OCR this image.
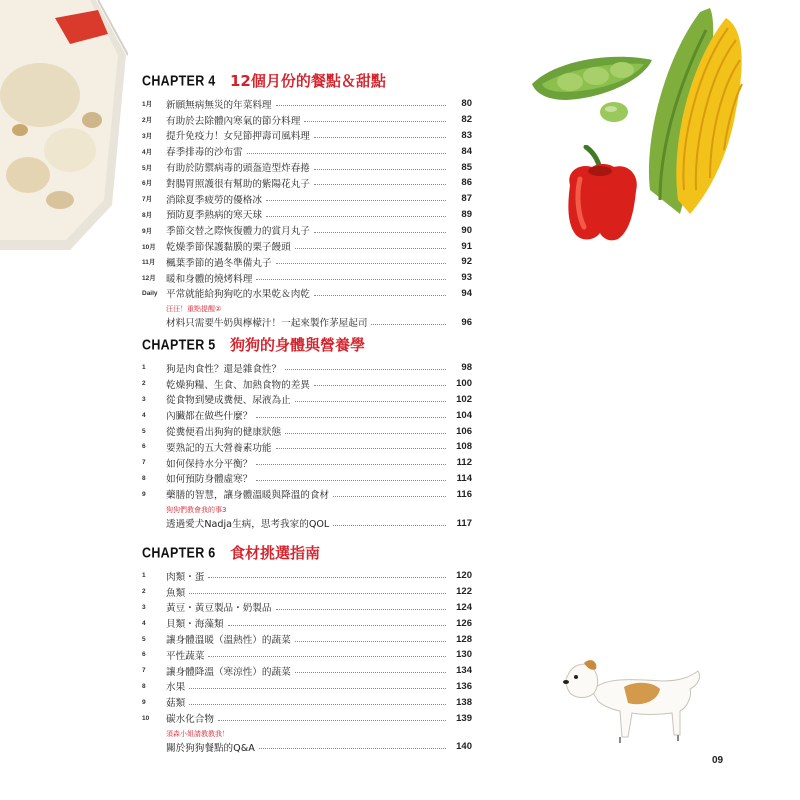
CHAPTER 4 12個月份的餐點＆甜點
1月	新願無病無災的年菜料理	80
2月	有助於去除體內寒氣的節分料理	82
3月	提升免疫力！女兒節押壽司風料理	83
4月	春季排毒的沙布雷	84
5月	有助於防禦病毒的頭盔造型炸春捲	85
6月	對腸胃照護很有幫助的紫陽花丸子	86
7月	消除夏季疲勞的優格冰	87
8月	預防夏季熱病的寒天球	89
9月	季節交替之際恢復體力的賞月丸子	90
10月	乾燥季節保護黏膜的栗子饅頭	91
11月	楓葉季節的過冬準備丸子	92
12月	暖和身體的燒烤料理	93
Daily 平常就能給狗狗吃的水果乾＆肉乾	94
汪汪！重點提醒②
材料只需要牛奶與檸檬汁！一起來製作茅屋起司	96
CHAPTER 5 狗狗的身體與營養學
1	狗是肉食性？還是雜食性？	98
2	乾燥狗糧、生食、加熱食物的差異	100
3	從食物到變成糞便、尿液為止	102
4	內臟都在做些什麼？	104
5	從糞便看出狗狗的健康狀態	106
6	要熟記的五大營養素功能	108
7	如何保持水分平衡？	112
8	如何預防身體虛寒？	114
9	藥膳的智慧，讓身體溫暖與降溫的食材	116
狗狗們教會我的事3
透過愛犬Nadja生病，思考我家的QOL	117
CHAPTER 6 食材挑選指南
1	肉類・蛋	120
2	魚類	122
3	黃豆・黃豆製品・奶製品	124
4	貝類・海藻類	126
5	讓身體溫暖（溫熱性）的蔬菜	128
6	平性蔬菜	130
7	讓身體降溫（寒涼性）的蔬菜	134
8	水果	136
9	菇類	138
10	碳水化合物	139
須森小姐請教教我！
關於狗狗餐點的Q&A	140
09
